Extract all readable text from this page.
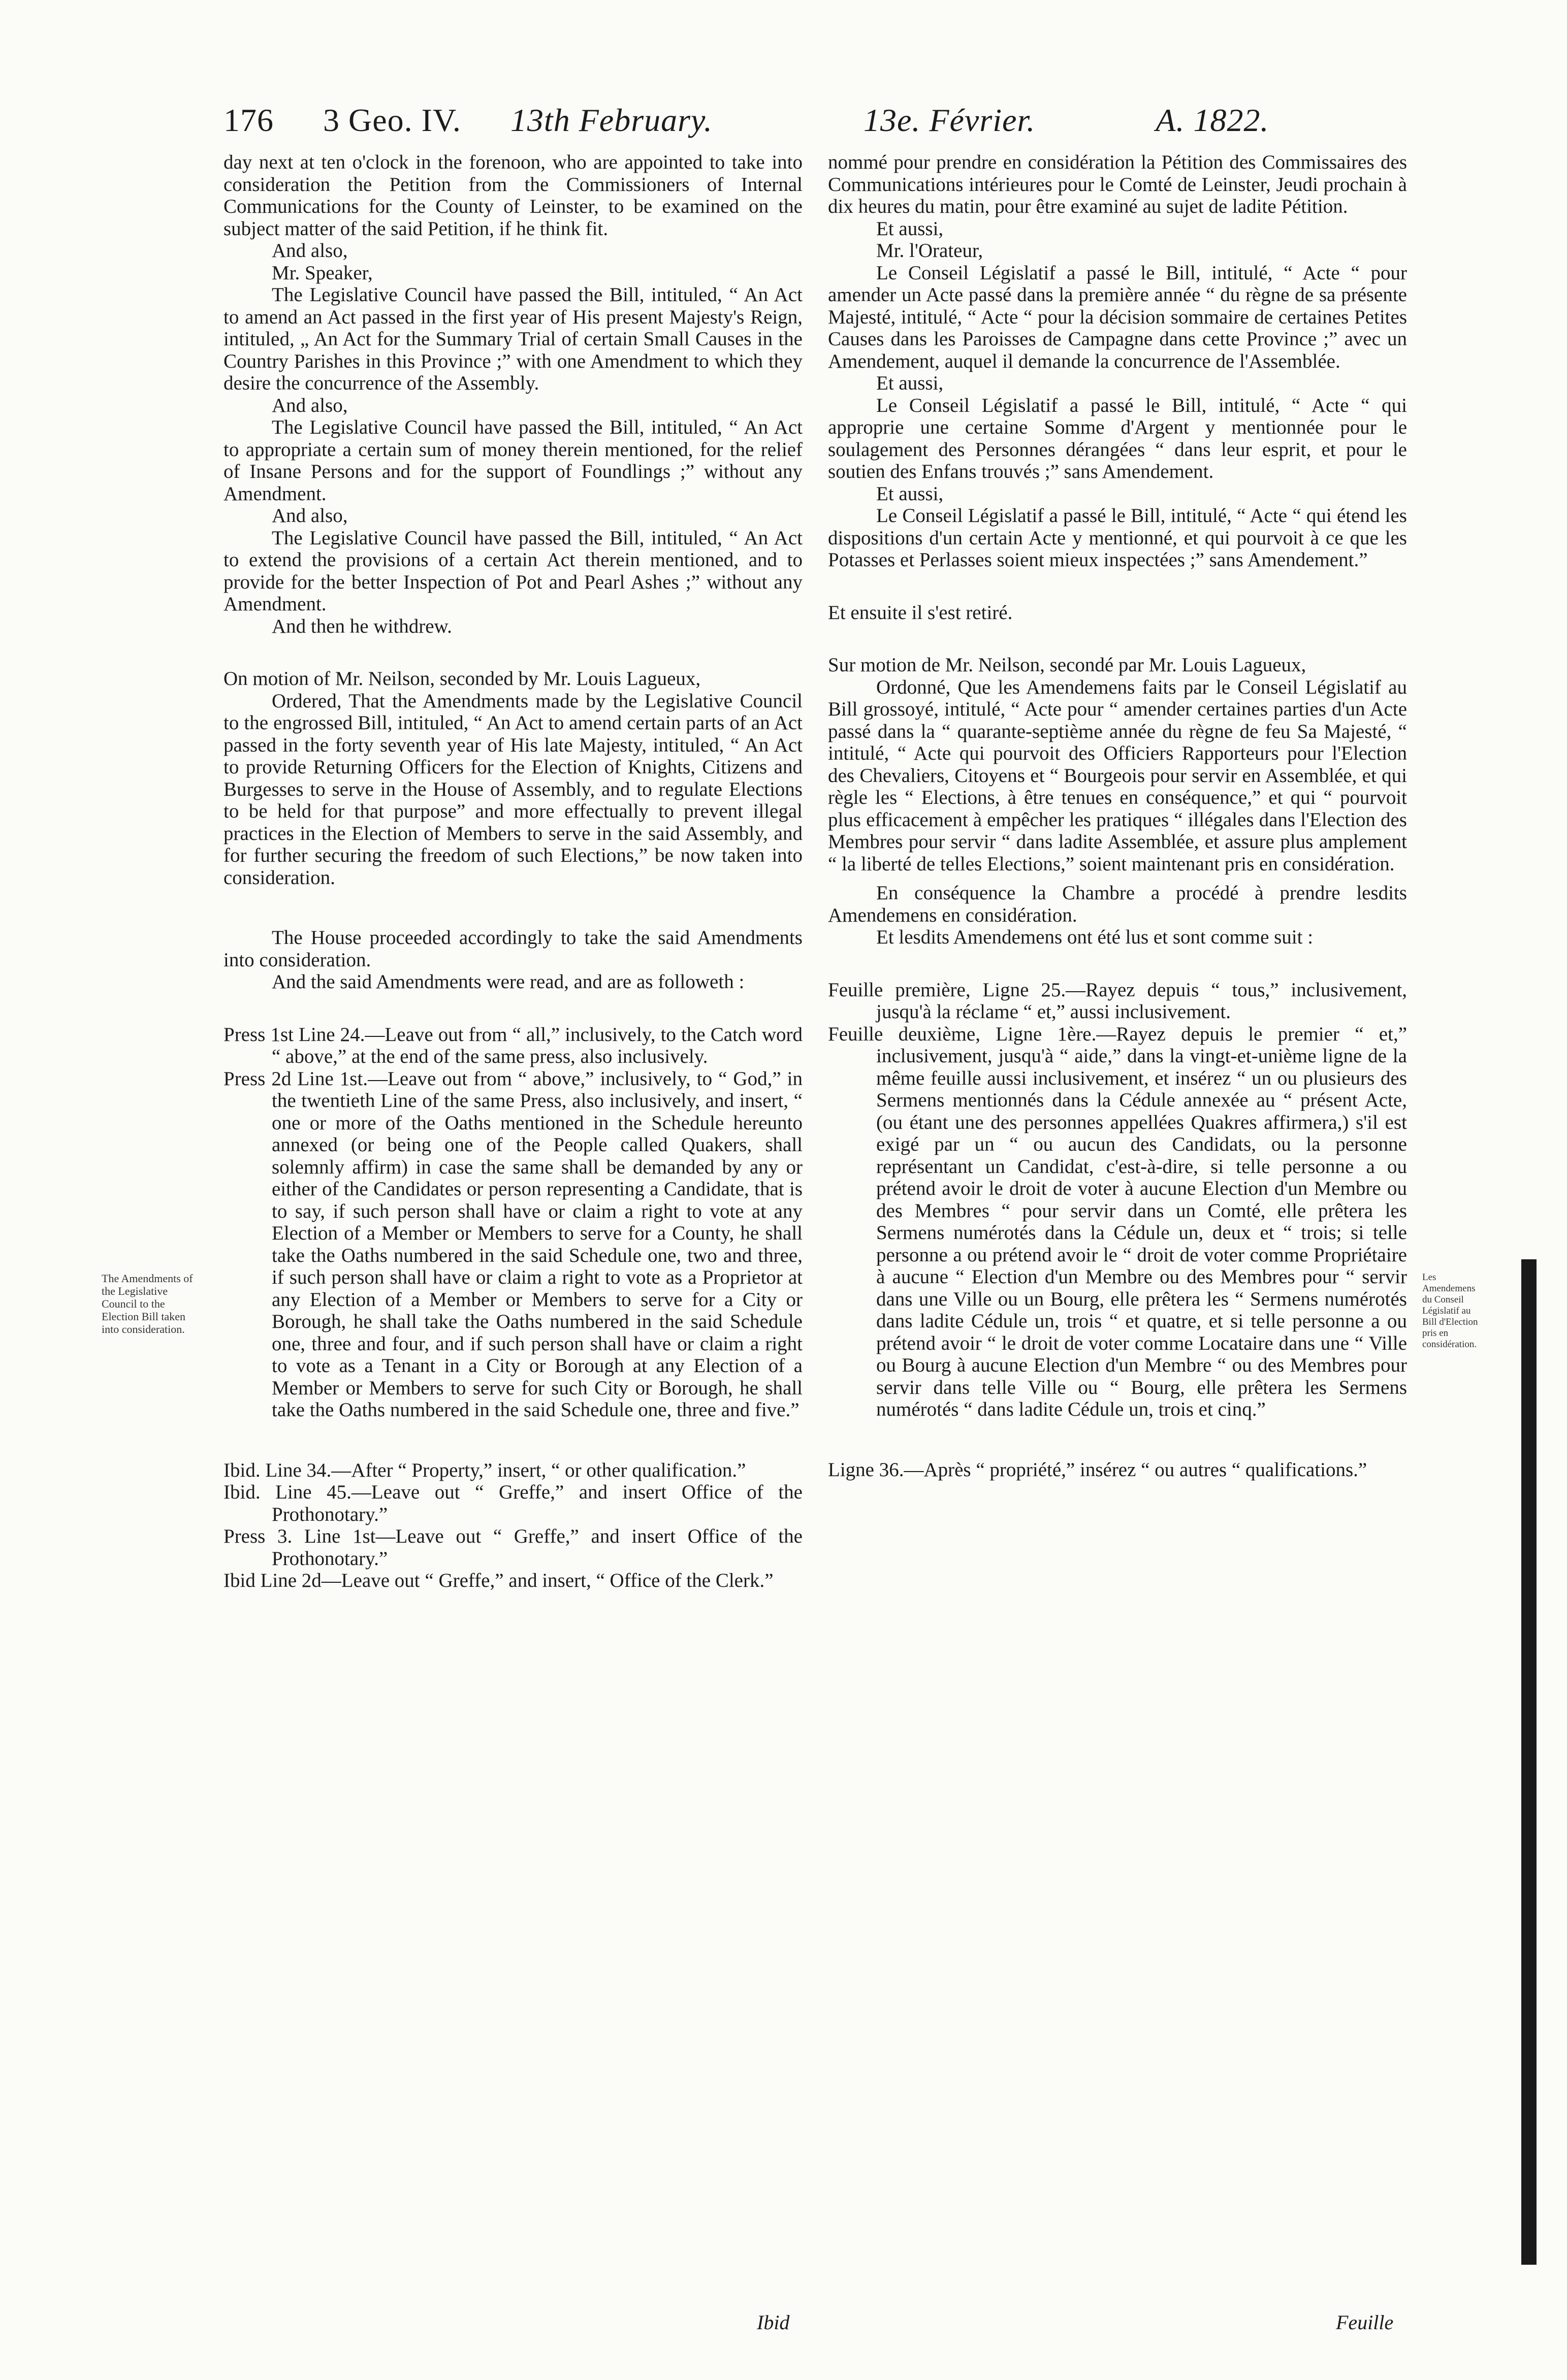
176 3 Geo. IV. 13th February.	13e. Février.	A. 1822.
The Amendments of the Legislative Council to the Election Bill taken into consideration.

day next at ten o'clock in the forenoon, who are appointed to take into consideration the Petition from the Commissioners of Internal Communications for the County of Leinster, to be examined on the subject matter of the said Petition, if he think fit.

And also,

Mr. Speaker,

The Legislative Council have passed the Bill, intituled, “ An Act to amend an Act passed in the first year of His present Majesty's Reign, intituled, „ An Act for the Summary Trial of certain Small Causes in the Country Parishes in this Province ;” with one Amendment to which they desire the concurrence of the Assembly.

And also,

The Legislative Council have passed the Bill, intituled, “ An Act to appropriate a certain sum of money therein mentioned, for the relief of Insane Persons and for the support of Foundlings ;” without any Amendment.

And also,

The Legislative Council have passed the Bill, intituled, “ An Act to extend the provisions of a certain Act therein mentioned, and to provide for the better Inspection of Pot and Pearl Ashes ;” without any Amendment.

And then he withdrew.

On motion of Mr. Neilson, seconded by Mr. Louis Lagueux,

Ordered, That the Amendments made by the Legislative Council to the engrossed Bill, intituled, “ An Act to amend certain parts of an Act passed in the forty seventh year of His late Majesty, intituled, “ An Act to provide Returning Officers for the Election of Knights, Citizens and Burgesses to serve in the House of Assembly, and to regulate Elections to be held for that purpose” and more effectually to prevent illegal practices in the Election of Members to serve in the said Assembly, and for further securing the freedom of such Elections,” be now taken into consideration.

The House proceeded accordingly to take the said Amendments into consideration.

And the said Amendments were read, and are as followeth :

Press 1st Line 24.—Leave out from “ all,” inclusively, to the Catch word “ above,” at the end of the same press, also inclusively.

Press 2d Line 1st.—Leave out from “ above,” inclusively, to “ God,” in the twentieth Line of the same Press, also inclusively, and insert, “ one or more of the Oaths mentioned in the Schedule hereunto annexed (or being one of the People called Quakers, shall solemnly affirm) in case the same shall be demanded by any or either of the Candidates or person representing a Candidate, that is to say, if such person shall have or claim a right to vote at any Election of a Member or Members to serve for a County, he shall take the Oaths numbered in the said Schedule one, two and three, if such person shall have or claim a right to vote as a Proprietor at any Election of a Member or Members to serve for a City or Borough, he shall take the Oaths numbered in the said Schedule one, three and four, and if such person shall have or claim a right to vote as a Tenant in a City or Borough at any Election of a Member or Members to serve for such City or Borough, he shall take the Oaths numbered in the said Schedule one, three and five.”

Ibid. Line 34.—After “ Property,” insert, “ or other qualification.”

Ibid. Line 45.—Leave out “ Greffe,” and insert Office of the Prothonotary.”

Press 3. Line 1st—Leave out “ Greffe,” and insert Office of the Prothonotary.”

Ibid Line 2d—Leave out “ Greffe,” and insert, “ Office of the Clerk.”

Ibid

nommé pour prendre en considération la Pétition des Commissaires des Communications intérieures pour le Comté de Leinster, Jeudi prochain à dix heures du matin, pour être examiné au sujet de ladite Pétition.

Et aussi,

Mr. l'Orateur,

Le Conseil Législatif a passé le Bill, intitulé, “ Acte “ pour amender un Acte passé dans la première année “ du règne de sa présente Majesté, intitulé, “ Acte “ pour la décision sommaire de certaines Petites Causes dans les Paroisses de Campagne dans cette Province ;” avec un Amendement, auquel il demande la concurrence de l'Assemblée.

Et aussi,

Le Conseil Législatif a passé le Bill, intitulé, “ Acte “ qui approprie une certaine Somme d'Argent y mentionnée pour le soulagement des Personnes dérangées “ dans leur esprit, et pour le soutien des Enfans trouvés ;” sans Amendement.

Et aussi,

Le Conseil Législatif a passé le Bill, intitulé, “ Acte “ qui étend les dispositions d'un certain Acte y mentionné, et qui pourvoit à ce que les Potasses et Perlasses soient mieux inspectées ;” sans Amendement.”

Et ensuite il s'est retiré.

Sur motion de Mr. Neilson, secondé par Mr. Louis Lagueux,

Ordonné, Que les Amendemens faits par le Conseil Législatif au Bill grossoyé, intitulé, “ Acte pour “ amender certaines parties d'un Acte passé dans la “ quarante-septième année du règne de feu Sa Majesté, “ intitulé, “ Acte qui pourvoit des Officiers Rapporteurs pour l'Election des Chevaliers, Citoyens et “ Bourgeois pour servir en Assemblée, et qui règle les “ Elections, à être tenues en conséquence,” et qui “ pourvoit plus efficacement à empêcher les pratiques “ illégales dans l'Election des Membres pour servir “ dans ladite Assemblée, et assure plus amplement “ la liberté de telles Elections,” soient maintenant pris en considération.

En conséquence la Chambre a procédé à prendre lesdits Amendemens en considération.

Et lesdits Amendemens ont été lus et sont comme suit :

Feuille première, Ligne 25.—Rayez depuis “ tous,” inclusivement, jusqu'à la réclame “ et,” aussi inclusivement.

Feuille deuxième, Ligne 1ère.—Rayez depuis le premier “ et,” inclusivement, jusqu'à “ aide,” dans la vingt-et-unième ligne de la même feuille aussi inclusivement, et insérez “ un ou plusieurs des Sermens mentionnés dans la Cédule annexée au “ présent Acte, (ou étant une des personnes appellées Quakres affirmera,) s'il est exigé par un “ ou aucun des Candidats, ou la personne représentant un Candidat, c'est-à-dire, si telle personne a ou prétend avoir le droit de voter à aucune Election d'un Membre ou des Membres “ pour servir dans un Comté, elle prêtera les Sermens numérotés dans la Cédule un, deux et “ trois; si telle personne a ou prétend avoir le “ droit de voter comme Propriétaire à aucune “ Election d'un Membre ou des Membres pour “ servir dans une Ville ou un Bourg, elle prêtera les “ Sermens numérotés dans ladite Cédule un, trois “ et quatre, et si telle personne a ou prétend avoir “ le droit de voter comme Locataire dans une “ Ville ou Bourg à aucune Election d'un Membre “ ou des Membres pour servir dans telle Ville ou “ Bourg, elle prêtera les Sermens numérotés “ dans ladite Cédule un, trois et cinq.”

Ligne 36.—Après “ propriété,” insérez “ ou autres “ qualifications.”

Feuille
Les Amendemens du Conseil Législatif au Bill d'Election pris en considération.
